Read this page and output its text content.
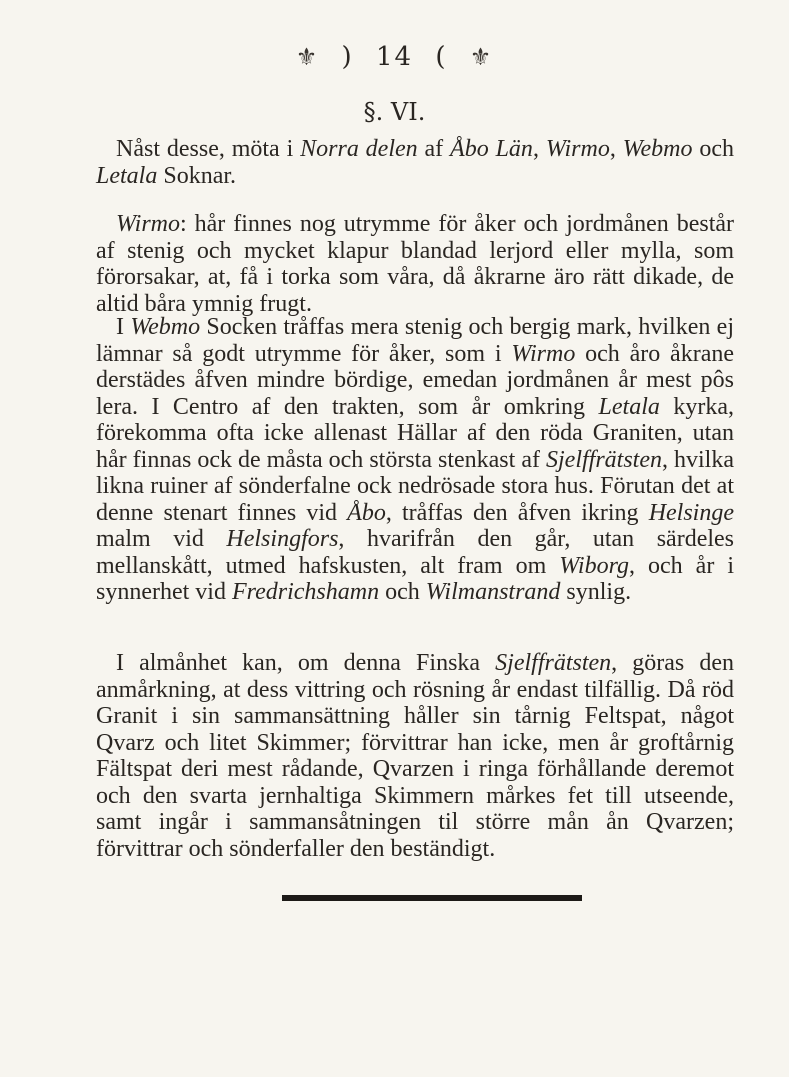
⚜ ) 14 ( ⚜
§. VI.

Nåst desse, möta i Norra delen af Åbo Län, Wirmo, Webmo och Letala Soknar.

Wirmo: hår finnes nog utrymme för åker och jordmånen består af stenig och mycket klapur blandad lerjord eller mylla, som förorsakar, at, få i torka som våra, då åkrarne äro rätt dikade, de altid båra ymnig frugt.

I Webmo Socken tråffas mera stenig och bergig mark, hvilken ej lämnar så godt utrymme för åker, som i Wirmo och åro åkrane derstädes åfven mindre bördige, emedan jordmånen år mest pôs lera. I Centro af den trakten, som år omkring Letala kyrka, förekomma ofta icke allenast Hällar af den röda Graniten, utan hår finnas ock de måsta och största stenkast af Sjelffrätsten, hvilka likna ruiner af sönderfalne ock nedrösade stora hus. Förutan det at denne stenart finnes vid Åbo, tråffas den åfven ikring Helsinge malm vid Helsingfors, hvarifrån den går, utan särdeles mellanskått, utmed hafskusten, alt fram om Wiborg, och år i synnerhet vid Fredrichshamn och Wilmanstrand synlig.

I almånhet kan, om denna Finska Sjelffrätsten, göras den anmårkning, at dess vittring och rösning år endast tilfällig. Då röd Granit i sin sammansättning håller sin tårnig Feltspat, något Qvarz och litet Skimmer; förvittrar han icke, men år groftårnig Fältspat deri mest rådande, Qvarzen i ringa förhållande deremot och den svarta jernhaltiga Skimmern mårkes fet till utseende, samt ingår i sammansåtningen til större mån ån Qvarzen; förvittrar och sönderfaller den beständigt.
